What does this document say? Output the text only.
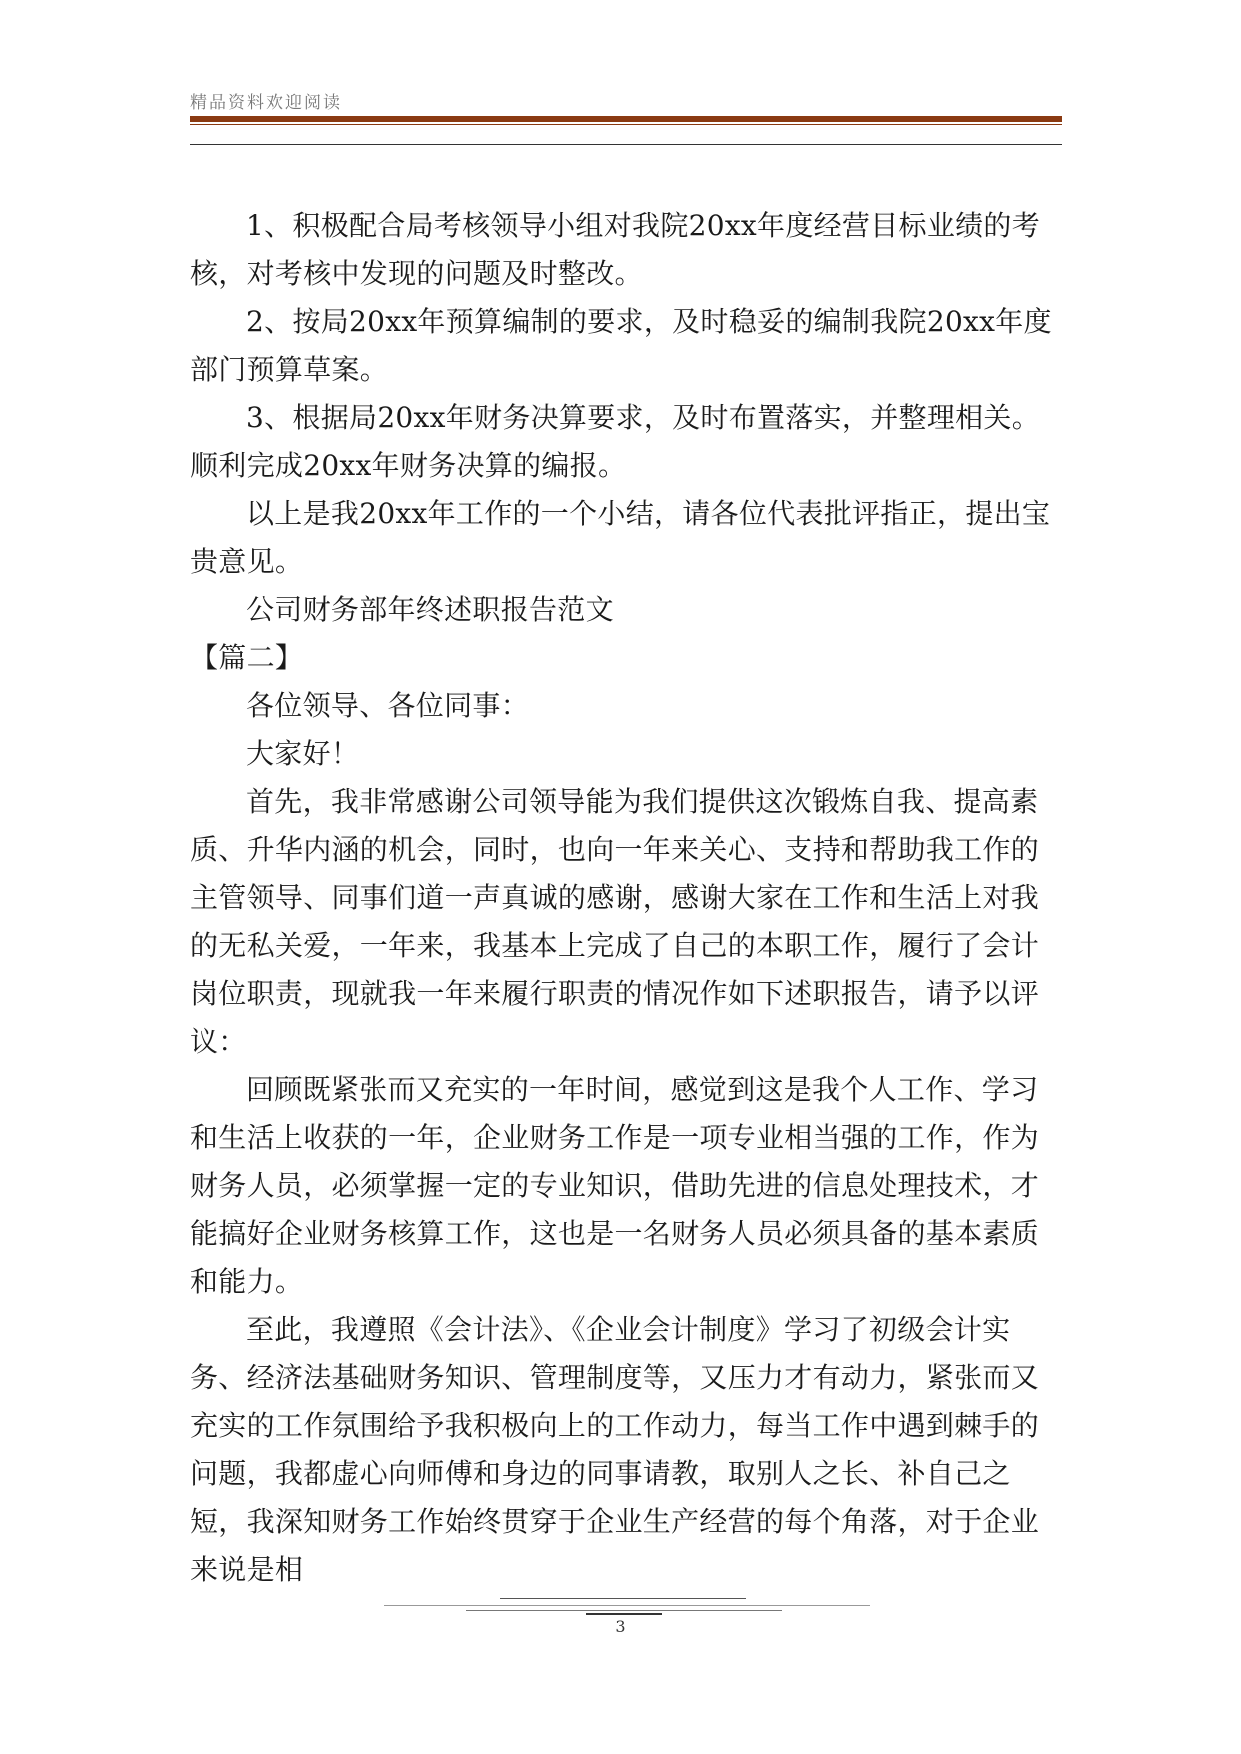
精品资料欢迎阅读

1、积极配合局考核领导小组对我院20xx年度经营目标业绩的考核，对考核中发现的问题及时整改。

2、按局20xx年预算编制的要求，及时稳妥的编制我院20xx年度部门预算草案。

3、根据局20xx年财务决算要求，及时布置落实，并整理相关。顺利完成20xx年财务决算的编报。

以上是我20xx年工作的一个小结，请各位代表批评指正，提出宝贵意见。

公司财务部年终述职报告范文

【篇二】

各位领导、各位同事：

大家好！

首先，我非常感谢公司领导能为我们提供这次锻炼自我、提高素质、升华内涵的机会，同时，也向一年来关心、支持和帮助我工作的主管领导、同事们道一声真诚的感谢，感谢大家在工作和生活上对我的无私关爱，一年来，我基本上完成了自己的本职工作，履行了会计岗位职责，现就我一年来履行职责的情况作如下述职报告，请予以评议：

回顾既紧张而又充实的一年时间，感觉到这是我个人工作、学习和生活上收获的一年，企业财务工作是一项专业相当强的工作，作为财务人员，必须掌握一定的专业知识，借助先进的信息处理技术，才能搞好企业财务核算工作，这也是一名财务人员必须具备的基本素质和能力。

至此，我遵照《会计法》、《企业会计制度》学习了初级会计实务、经济法基础财务知识、管理制度等，又压力才有动力，紧张而又充实的工作氛围给予我积极向上的工作动力，每当工作中遇到棘手的问题，我都虚心向师傅和身边的同事请教，取别人之长、补自己之短，我深知财务工作始终贯穿于企业生产经营的每个角落，对于企业来说是相

3
